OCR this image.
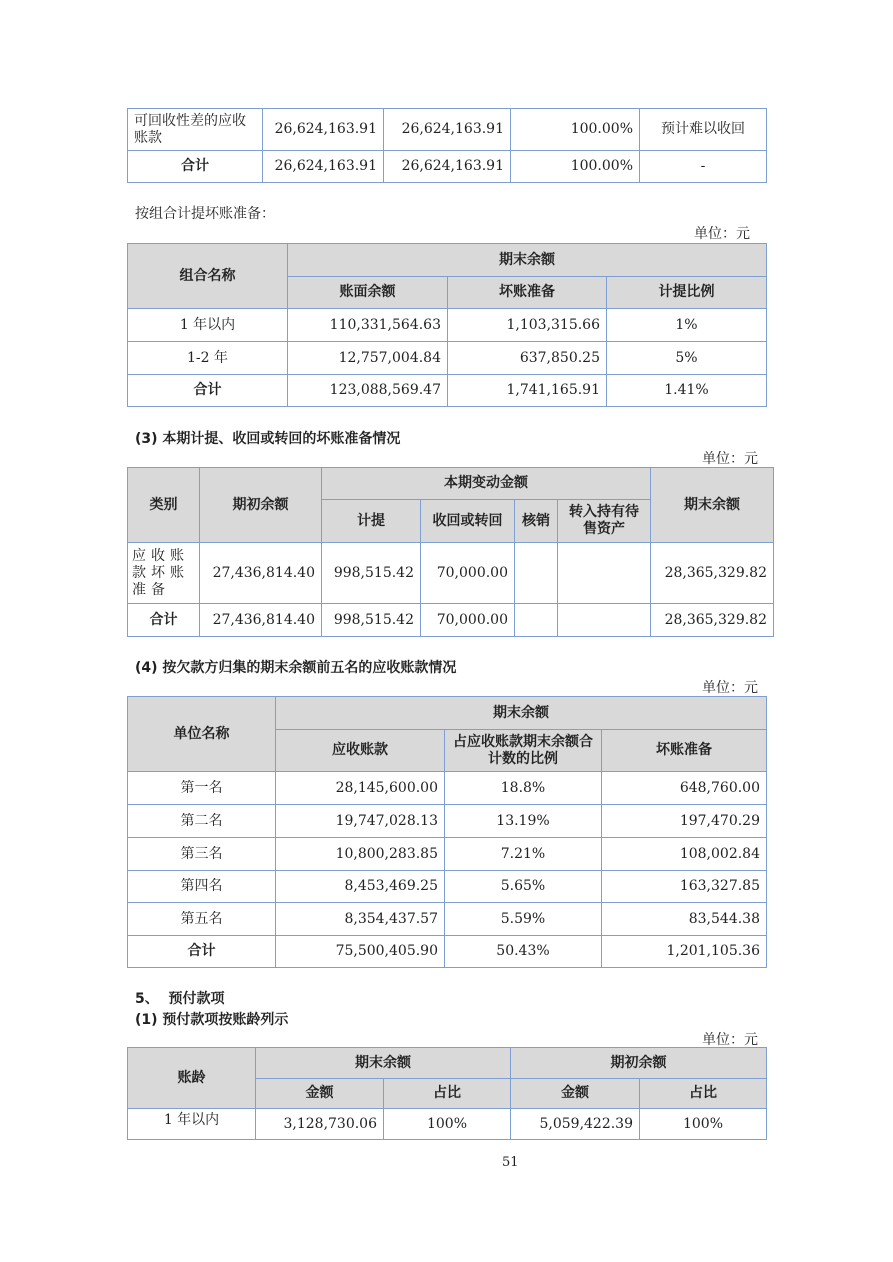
可回收性差的应收账款	26,624,163.91	26,624,163.91	100.00%	预计难以收回
合计	26,624,163.91	26,624,163.91	100.00%	-
按组合计提坏账准备：
单位：元
组合名称	期末余额		
	账面余额	坏账准备	计提比例
1 年以内	110,331,564.63	1,103,315.66	1%
1-2 年	12,757,004.84	637,850.25	5%
合计	123,088,569.47	1,741,165.91	1.41%
(3) 本期计提、收回或转回的坏账准备情况
单位：元
类别	期初余额	本期变动金额				期末余额
		计提	收回或转回	核销	转入持有待售资产	
应收账款坏账准备	27,436,814.40	998,515.42	70,000.00			28,365,329.82
合计	27,436,814.40	998,515.42	70,000.00			28,365,329.82
(4) 按欠款方归集的期末余额前五名的应收账款情况
单位：元
单位名称	期末余额		
	应收账款	占应收账款期末余额合计数的比例	坏账准备
第一名	28,145,600.00	18.8%	648,760.00
第二名	19,747,028.13	13.19%	197,470.29
第三名	10,800,283.85	7.21%	108,002.84
第四名	8,453,469.25	5.65%	163,327.85
第五名	8,354,437.57	5.59%	83,544.38
合计	75,500,405.90	50.43%	1,201,105.36
5、  预付款项
(1) 预付款项按账龄列示
单位：元
账龄	期末余额		期初余额	
	金额	占比	金额	占比
1 年以内	3,128,730.06	100%	5,059,422.39	100%
51
